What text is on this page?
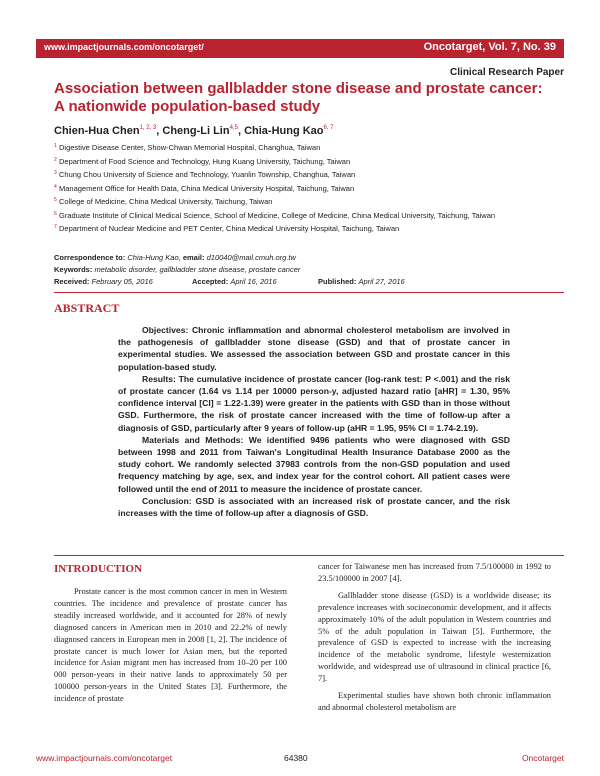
www.impactjournals.com/oncotarget/	Oncotarget, Vol. 7, No. 39
Clinical Research Paper
Association between gallbladder stone disease and prostate cancer: A nationwide population-based study
Chien-Hua Chen$^{1, 2, 3}$, Cheng-Li Lin$^{4,5}$, Chia-Hung Kao$^{6, 7}$
1 Digestive Disease Center, Show-Chwan Memorial Hospital, Changhua, Taiwan
2 Department of Food Science and Technology, Hung Kuang University, Taichung, Taiwan
3 Chung Chou University of Science and Technology, Yuanlin Township, Changhua, Taiwan
4 Management Office for Health Data, China Medical University Hospital, Taichung, Taiwan
5 College of Medicine, China Medical University, Taichung, Taiwan
6 Graduate Institute of Clinical Medical Science, School of Medicine, College of Medicine, China Medical University, Taichung, Taiwan
7 Department of Nuclear Medicine and PET Center, China Medical University Hospital, Taichung, Taiwan
Correspondence to: Chia-Hung Kao, email: d10040@mail.cmuh.org.tw
Keywords: metabolic disorder, gallbladder stone disease, prostate cancer
Received: February 05, 2016	Accepted: April 16, 2016	Published: April 27, 2016
ABSTRACT

Objectives: Chronic inflammation and abnormal cholesterol metabolism are involved in the pathogenesis of gallbladder stone disease (GSD) and that of prostate cancer in experimental studies. We assessed the association between GSD and prostate cancer in this population-based study.

Results: The cumulative incidence of prostate cancer (log-rank test: P <.001) and the risk of prostate cancer (1.64 vs 1.14 per 10000 person-y, adjusted hazard ratio [aHR] = 1.30, 95% confidence interval [CI] = 1.22-1.39) were greater in the patients with GSD than in those without GSD. Furthermore, the risk of prostate cancer increased with the time of follow-up after a diagnosis of GSD, particularly after 9 years of follow-up (aHR = 1.95, 95% CI = 1.74-2.19).

Materials and Methods: We identified 9496 patients who were diagnosed with GSD between 1998 and 2011 from Taiwan's Longitudinal Health Insurance Database 2000 as the study cohort. We randomly selected 37983 controls from the non-GSD population and used frequency matching by age, sex, and index year for the control cohort. All patient cases were followed until the end of 2011 to measure the incidence of prostate cancer.

Conclusion: GSD is associated with an increased risk of prostate cancer, and the risk increases with the time of follow-up after a diagnosis of GSD.

INTRODUCTION

Prostate cancer is the most common cancer in men in Western countries. The incidence and prevalence of prostate cancer has steadily increased worldwide, and it accounted for 28% of newly diagnosed cancers in American men in 2010 and 22.2% of newly diagnosed cancers in European men in 2008 [1, 2]. The incidence of prostate cancer is much lower for Asian men, but the reported incidence for Asian migrant men has increased from 10–20 per 100 000 person-years in their native lands to approximately 50 per 100000 person-years in the United States [3]. Furthermore, the incidence of prostate

cancer for Taiwanese men has increased from 7.5/100000 in 1992 to 23.5/100000 in 2007 [4].

Gallbladder stone disease (GSD) is a worldwide disease; its prevalence increases with socioeconomic development, and it affects approximately 10% of the adult population in Western countries and 5% of the adult population in Taiwan [5]. Furthermore, the prevalence of GSD is expected to increase with the increasing incidence of the metabolic syndrome, lifestyle westernization worldwide, and widespread use of ultrasound in clinical practice [6, 7].

Experimental studies have shown both chronic inflammation and abnormal cholesterol metabolism are

www.impactjournals.com/oncotarget	64380	Oncotarget
